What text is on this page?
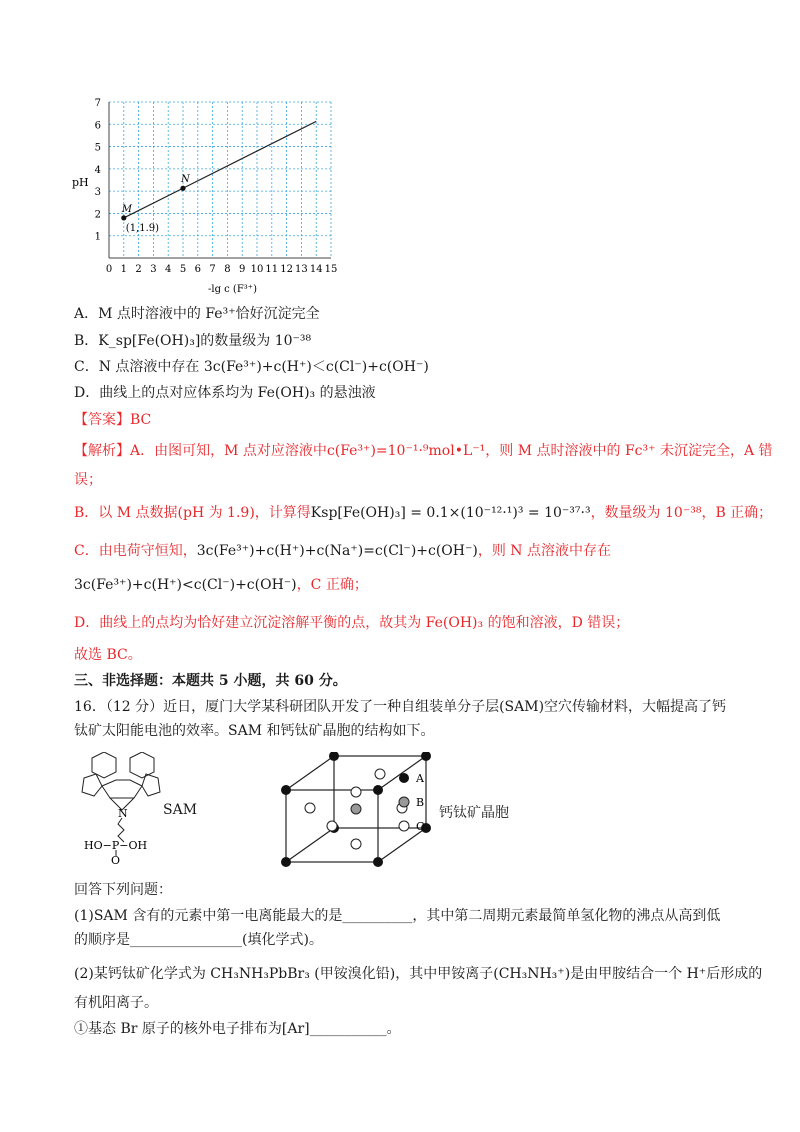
0 1 2 3 4 5 6 7 8 9 10 11 12 13 14 15
1
2
3
4
5
6
7
M
(1,1.9)
N
pH
-lg c (F³⁺)
A．M 点时溶液中的 Fe³⁺恰好沉淀完全
B．K_sp[Fe(OH)₃]的数量级为 10⁻³⁸
C．N 点溶液中存在 3c(Fe³⁺)+c(H⁺)＜c(Cl⁻)+c(OH⁻)
D．曲线上的点对应体系均为 Fe(OH)₃ 的悬浊液
【答案】BC
【解析】A．由图可知，M 点对应溶液中c(Fe³⁺)=10⁻¹·⁹mol•L⁻¹，则 M 点时溶液中的 Fc³⁺ 未沉淀完全，A 错
误；
B．以 M 点数据(pH 为 1.9)，计算得Ksp[Fe(OH)₃] = 0.1×(10⁻¹²·¹)³ = 10⁻³⁷·³，数量级为 10⁻³⁸，B 正确；
C．由电荷守恒知，3c(Fe³⁺)+c(H⁺)+c(Na⁺)=c(Cl⁻)+c(OH⁻)，则 N 点溶液中存在
3c(Fe³⁺)+c(H⁺)<c(Cl⁻)+c(OH⁻)，C 正确；
D．曲线上的点均为恰好建立沉淀溶解平衡的点，故其为 Fe(OH)₃ 的饱和溶液，D 错误；
故选 BC。
三、非选择题：本题共 5 小题，共 60 分。
16．（12 分）近日，厦门大学某科研团队开发了一种自组装单分子层(SAM)空穴传输材料，大幅提高了钙
钛矿太阳能电池的效率。SAM 和钙钛矿晶胞的结构如下。
N
HO−P−OH
O
SAM
A
B
C
钙钛矿晶胞
回答下列问题：
(1)SAM 含有的元素中第一电离能最大的是__________，其中第二周期元素最简单氢化物的沸点从高到低
的顺序是________________(填化学式)。
(2)某钙钛矿化学式为 CH₃NH₃PbBr₃ (甲铵溴化铅)，其中甲铵离子(CH₃NH₃⁺)是由甲胺结合一个 H⁺后形成的
有机阳离子。
①基态 Br 原子的核外电子排布为[Ar]___________。
